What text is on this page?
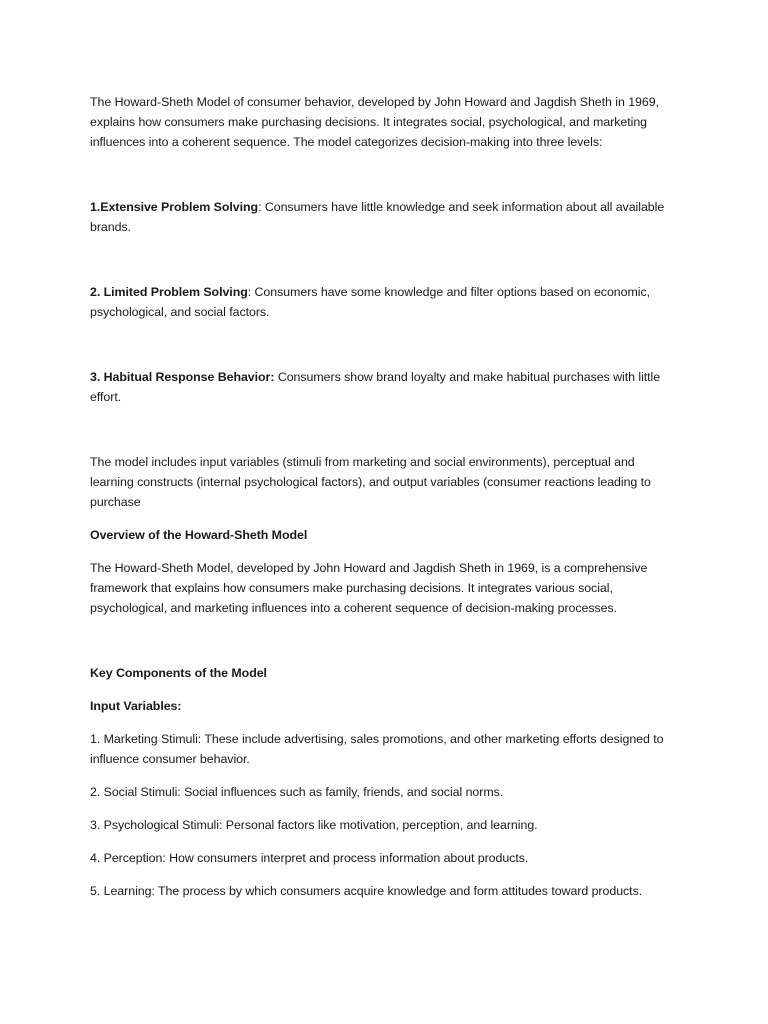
The Howard-Sheth Model of consumer behavior, developed by John Howard and Jagdish Sheth in 1969, explains how consumers make purchasing decisions. It integrates social, psychological, and marketing influences into a coherent sequence. The model categorizes decision-making into three levels:

1.Extensive Problem Solving: Consumers have little knowledge and seek information about all available brands.

2. Limited Problem Solving: Consumers have some knowledge and filter options based on economic, psychological, and social factors.

3. Habitual Response Behavior: Consumers show brand loyalty and make habitual purchases with little effort.

The model includes input variables (stimuli from marketing and social environments), perceptual and learning constructs (internal psychological factors), and output variables (consumer reactions leading to purchase

Overview of the Howard-Sheth Model

The Howard-Sheth Model, developed by John Howard and Jagdish Sheth in 1969, is a comprehensive framework that explains how consumers make purchasing decisions. It integrates various social, psychological, and marketing influences into a coherent sequence of decision-making processes.

Key Components of the Model

Input Variables:

1. Marketing Stimuli: These include advertising, sales promotions, and other marketing efforts designed to influence consumer behavior.

2. Social Stimuli: Social influences such as family, friends, and social norms.

3. Psychological Stimuli: Personal factors like motivation, perception, and learning.

4. Perception: How consumers interpret and process information about products.

5. Learning: The process by which consumers acquire knowledge and form attitudes toward products.
